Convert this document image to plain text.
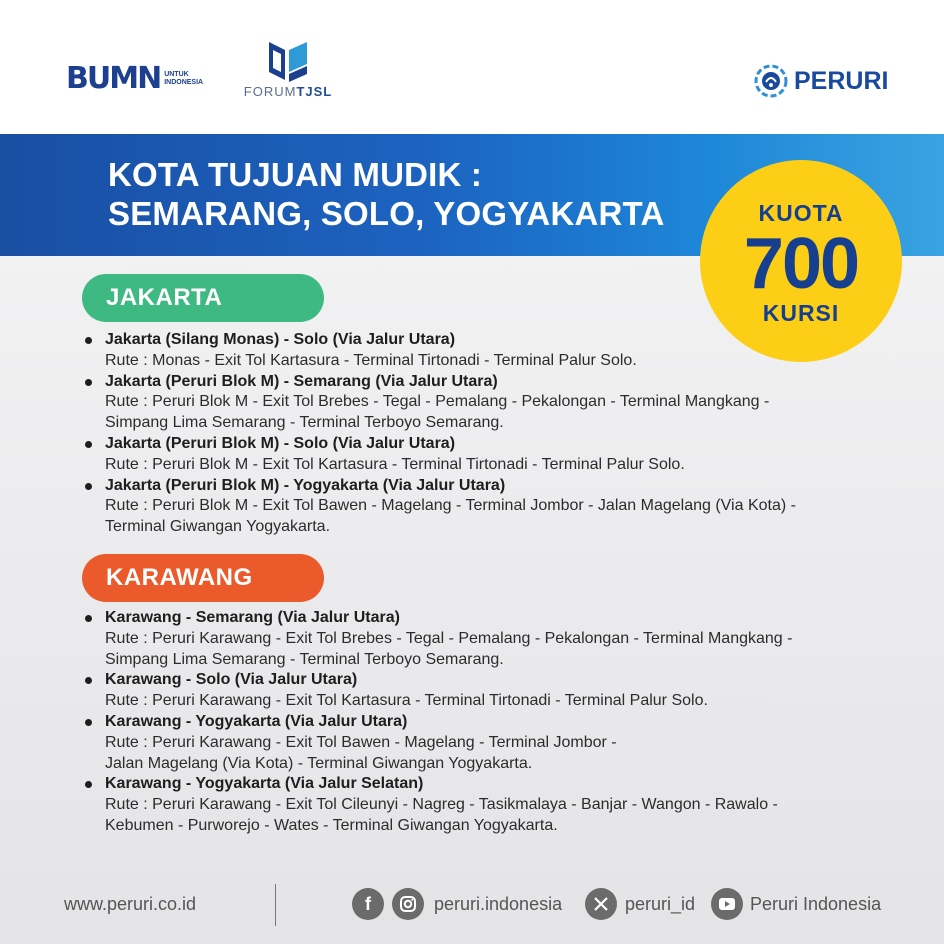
BUMN UNTUK
INDONESIA
FORUMTJSL	PERURI
KOTA TUJUAN MUDIK :
SEMARANG, SOLO, YOGYAKARTA	KUOTA
700
KURSI
JAKARTA
Jakarta (Silang Monas) - Solo (Via Jalur Utara)
Rute : Monas - Exit Tol Kartasura - Terminal Tirtonadi - Terminal Palur Solo.
Jakarta (Peruri Blok M) - Semarang (Via Jalur Utara)
Rute : Peruri Blok M - Exit Tol Brebes - Tegal - Pemalang - Pekalongan - Terminal Mangkang -
Simpang Lima Semarang - Terminal Terboyo Semarang.
Jakarta (Peruri Blok M) - Solo (Via Jalur Utara)
Rute : Peruri Blok M - Exit Tol Kartasura - Terminal Tirtonadi - Terminal Palur Solo.
Jakarta (Peruri Blok M) - Yogyakarta (Via Jalur Utara)
Rute : Peruri Blok M - Exit Tol Bawen - Magelang - Terminal Jombor - Jalan Magelang (Via Kota) -
Terminal Giwangan Yogyakarta.
KARAWANG
Karawang - Semarang (Via Jalur Utara)
Rute : Peruri Karawang - Exit Tol Brebes - Tegal - Pemalang - Pekalongan - Terminal Mangkang -
Simpang Lima Semarang - Terminal Terboyo Semarang.
Karawang - Solo (Via Jalur Utara)
Rute : Peruri Karawang - Exit Tol Kartasura - Terminal Tirtonadi - Terminal Palur Solo.
Karawang - Yogyakarta (Via Jalur Utara)
Rute : Peruri Karawang - Exit Tol Bawen - Magelang - Terminal Jombor -
Jalan Magelang (Via Kota) - Terminal Giwangan Yogyakarta.
Karawang - Yogyakarta (Via Jalur Selatan)
Rute : Peruri Karawang - Exit Tol Cileunyi - Nagreg - Tasikmalaya - Banjar - Wangon - Rawalo -
Kebumen - Purworejo - Wates - Terminal Giwangan Yogyakarta.
www.peruri.co.id	f	peruri.indonesia	peruri_id	Peruri Indonesia
